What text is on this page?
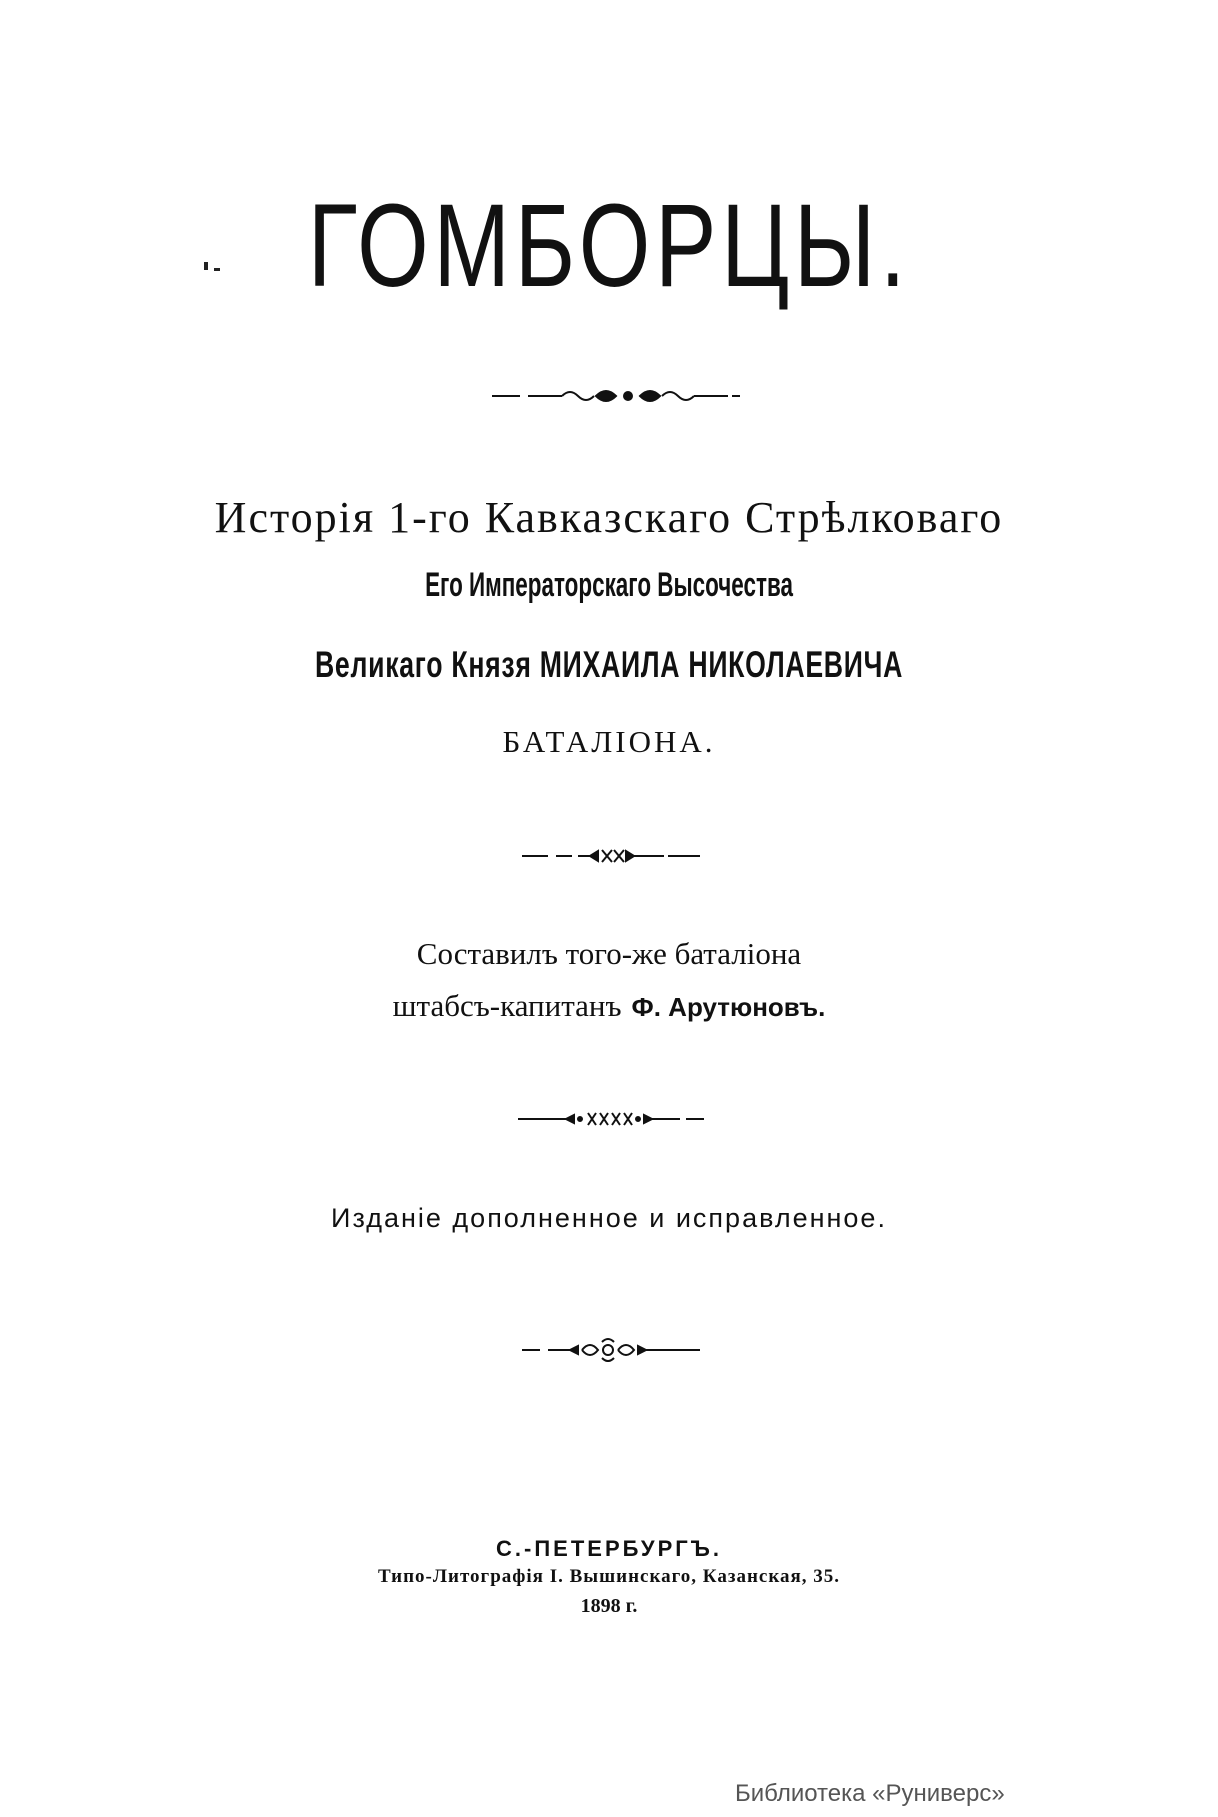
ГОМБОРЦЫ.
Исторія 1-го Кавказскаго Стрѣлковаго
Его Императорскаго Высочества
Великаго Князя МИХАИЛА НИКОЛАЕВИЧА
БАТАЛІОНА.
Составилъ того-же баталіона
штабсъ-капитанъ Ф. Арутюновъ.
Изданіе дополненное и исправленное.
С.-ПЕТЕРБУРГЪ.
Типо-Литографія I. Вышинскаго, Казанская, 35.
1898 г.
Библиотека «Руниверс»
